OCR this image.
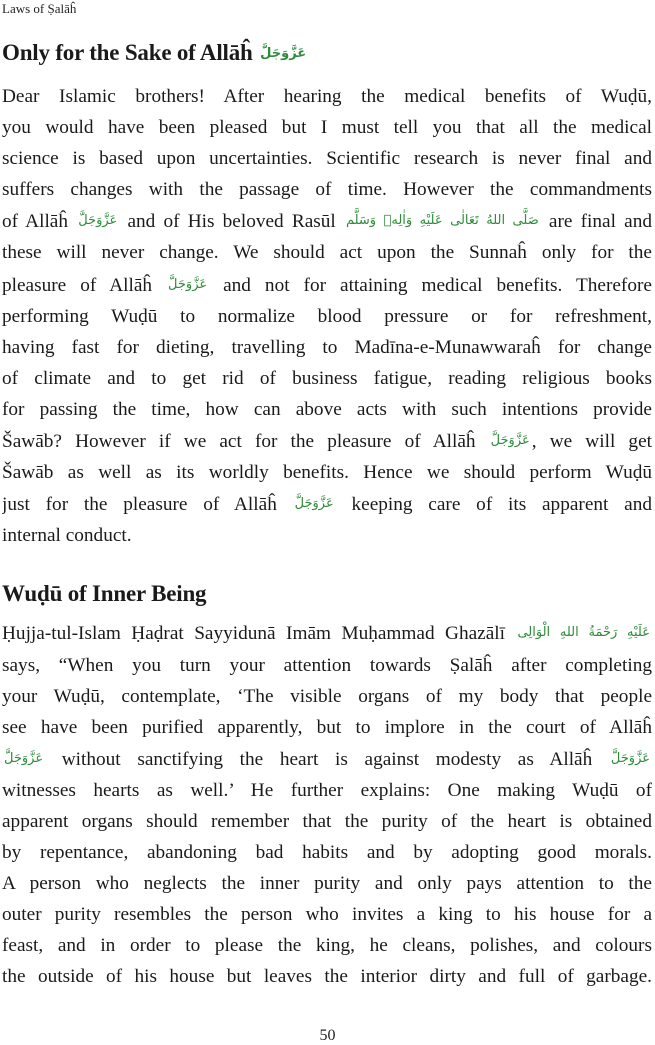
Laws of Ṣalāĥ
Only for the Sake of Allāĥ عَزَّوَجَلَّ
Dear Islamic brothers! After hearing the medical benefits of Wuḍū,
you would have been pleased but I must tell you that all the medical
science is based upon uncertainties. Scientific research is never final and
suffers changes with the passage of time. However the commandments
of Allāĥ عَزَّوَجَلَّ and of His beloved Rasūl صَلَّى اللهُ تَعَالٰى عَلَيْهِ وَاٰلِهٖ وَسَلَّم are final and
these will never change. We should act upon the Sunnaĥ only for the
pleasure of Allāĥ عَزَّوَجَلَّ and not for attaining medical benefits. Therefore
performing Wuḍū to normalize blood pressure or for refreshment,
having fast for dieting, travelling to Madīna-e-Munawwaraĥ for change
of climate and to get rid of business fatigue, reading religious books
for passing the time, how can above acts with such intentions provide
Šawāb? However if we act for the pleasure of Allāĥ عَزَّوَجَلَّ , we will get
Šawāb as well as its worldly benefits. Hence we should perform Wuḍū
just for the pleasure of Allāĥ عَزَّوَجَلَّ keeping care of its apparent and
internal conduct.
Wuḍū of Inner Being
Ḥujja-tul-Islam Ḥaḍrat Sayyidunā Imām Muḥammad Ghazālī عَلَيْهِ رَحْمَةُ اللهِ الْوَالِى
says, “When you turn your attention towards Ṣalāĥ after completing
your Wuḍū, contemplate, ‘The visible organs of my body that people
see have been purified apparently, but to implore in the court of Allāĥ
عَزَّوَجَلَّ without sanctifying the heart is against modesty as Allāĥ عَزَّوَجَلَّ
witnesses hearts as well.’ He further explains: One making Wuḍū of
apparent organs should remember that the purity of the heart is obtained
by repentance, abandoning bad habits and by adopting good morals.
A person who neglects the inner purity and only pays attention to the
outer purity resembles the person who invites a king to his house for a
feast, and in order to please the king, he cleans, polishes, and colours
the outside of his house but leaves the interior dirty and full of garbage.
50
